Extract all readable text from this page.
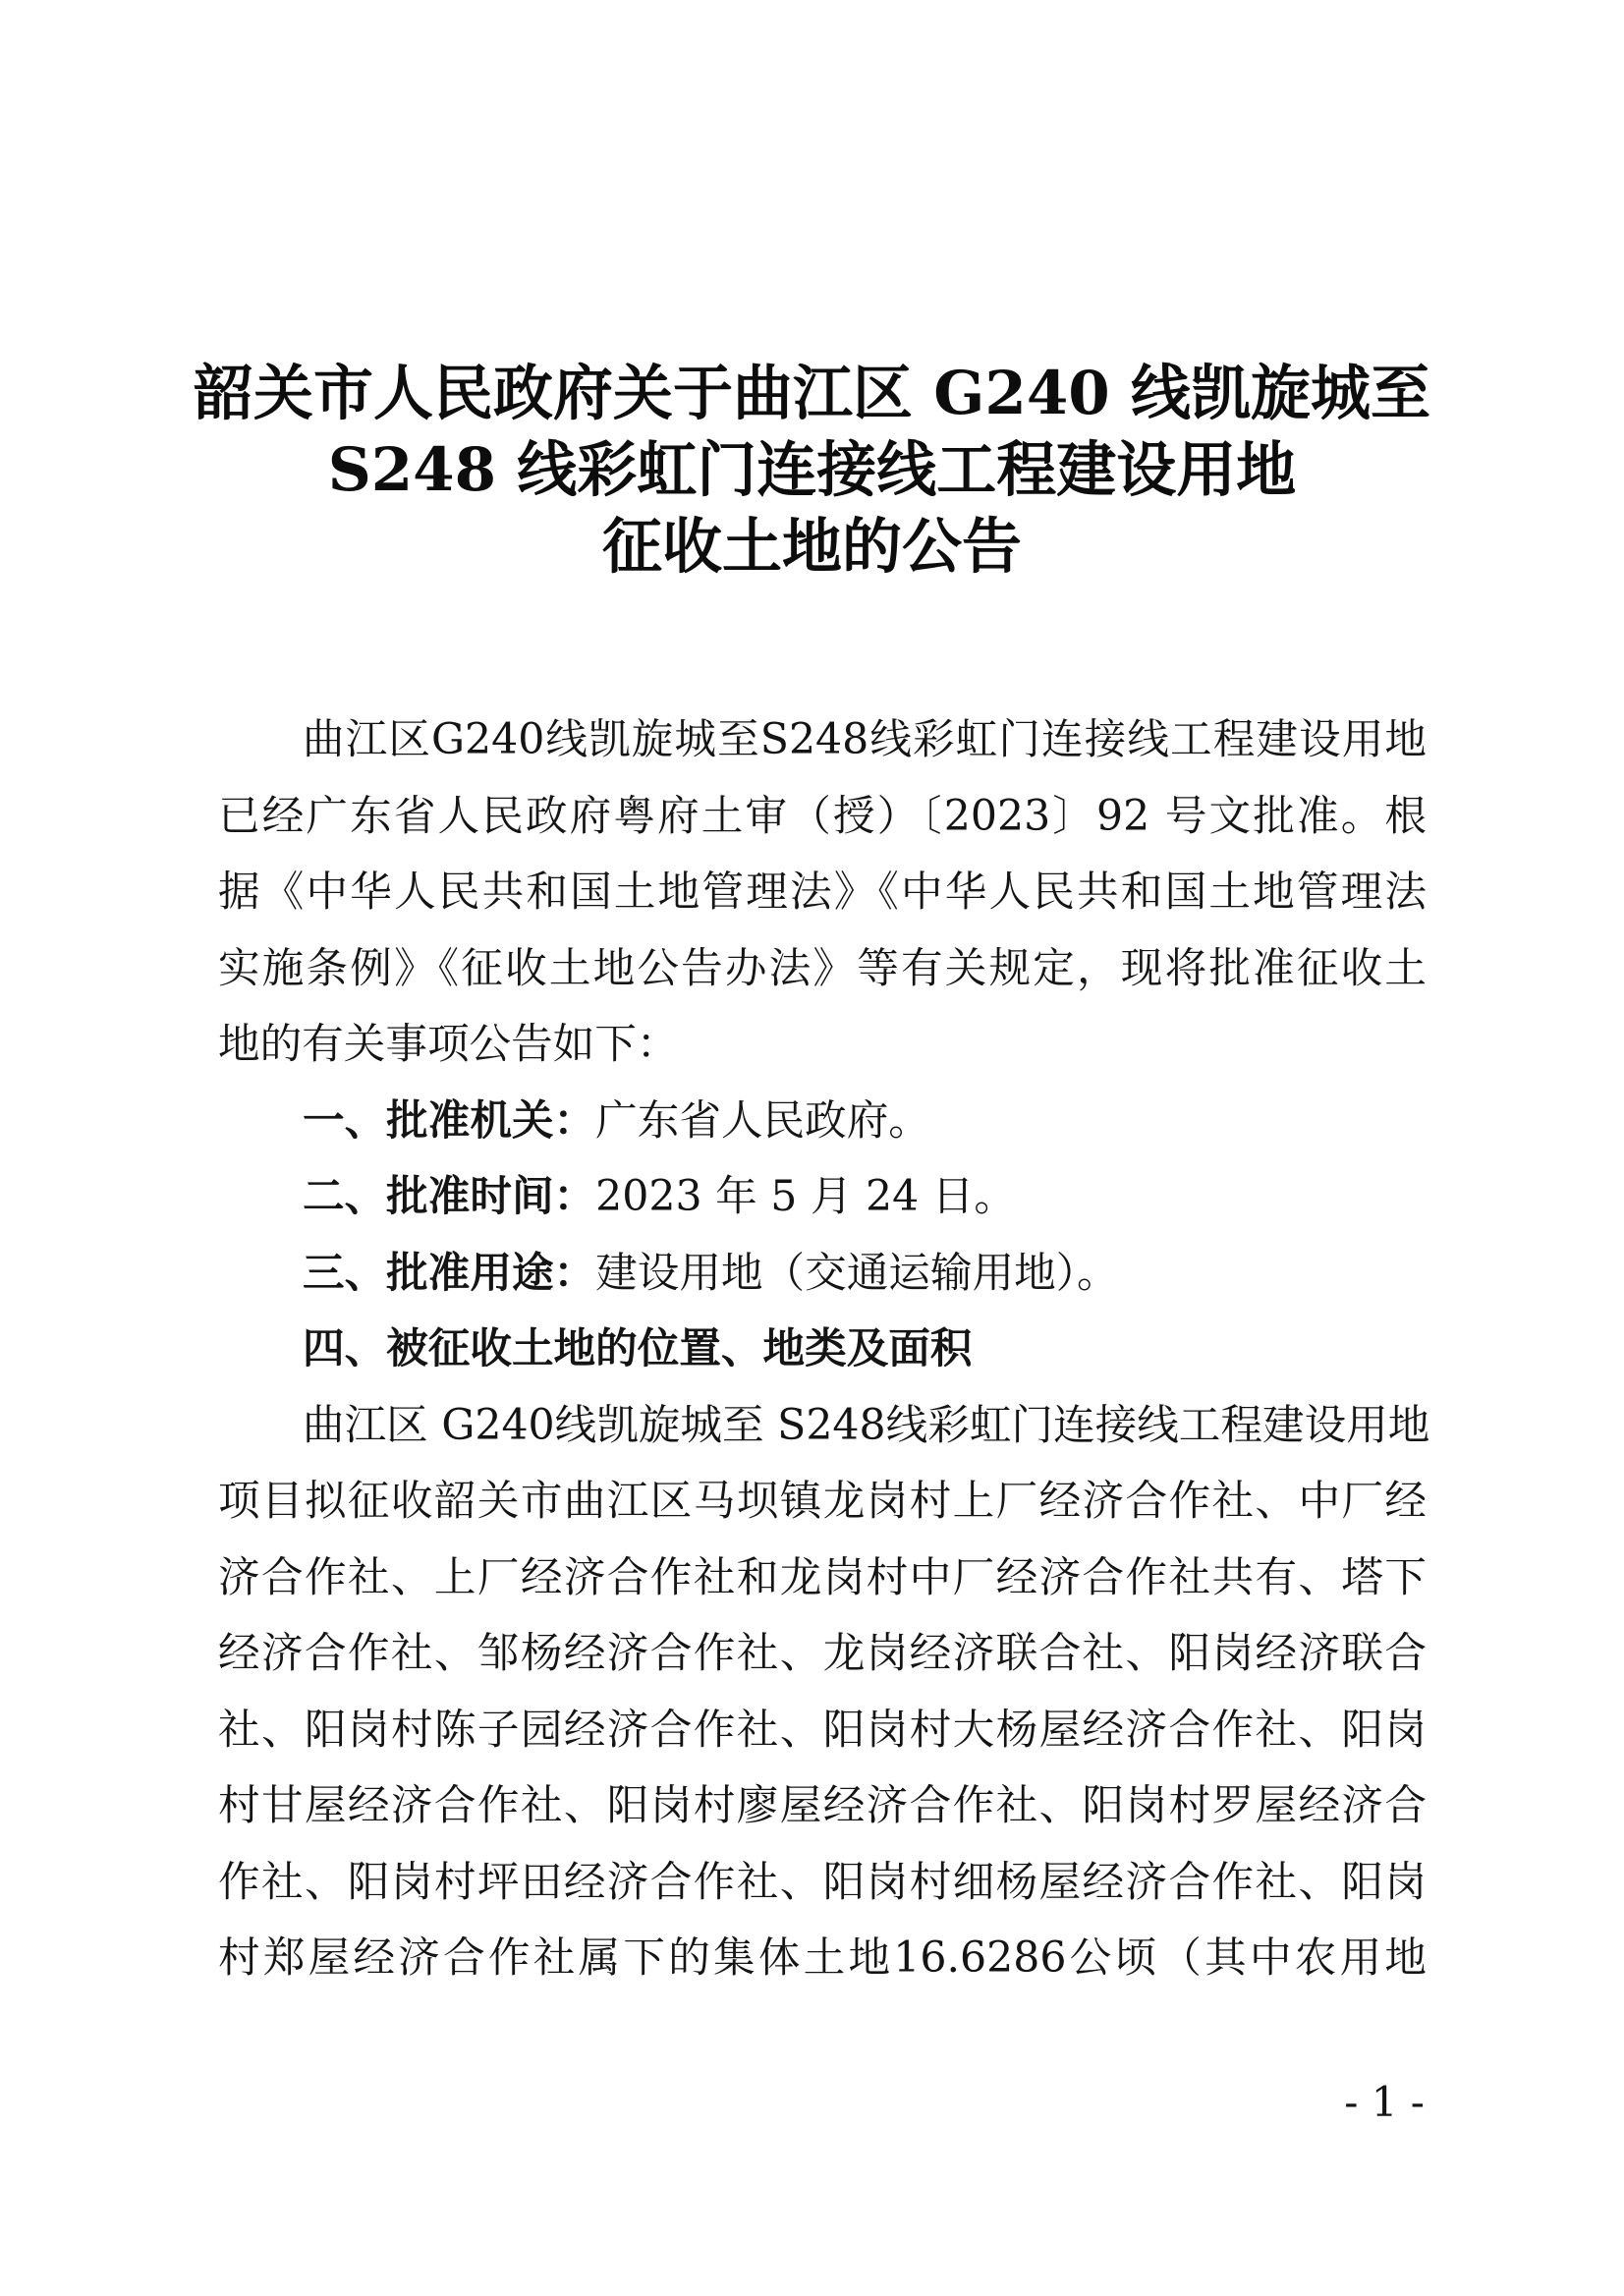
韶关市人民政府关于曲江区 G240 线凯旋城至
S248 线彩虹门连接线工程建设用地
征收土地的公告
曲江区G240线凯旋城至S248线彩虹门连接线工程建设用地
已经广东省人民政府粤府土审（授）〔2023〕92 号文批准。根
据《中华人民共和国土地管理法》《中华人民共和国土地管理法
实施条例》《征收土地公告办法》等有关规定，现将批准征收土
地的有关事项公告如下：
一、批准机关：广东省人民政府。
二、批准时间：2023 年 5 月 24 日。
三、批准用途：建设用地（交通运输用地）。
四、被征收土地的位置、地类及面积
曲江区 G240线凯旋城至 S248线彩虹门连接线工程建设用地
项目拟征收韶关市曲江区马坝镇龙岗村上厂经济合作社、中厂经
济合作社、上厂经济合作社和龙岗村中厂经济合作社共有、塔下
经济合作社、邹杨经济合作社、龙岗经济联合社、阳岗经济联合
社、阳岗村陈子园经济合作社、阳岗村大杨屋经济合作社、阳岗
村甘屋经济合作社、阳岗村廖屋经济合作社、阳岗村罗屋经济合
作社、阳岗村坪田经济合作社、阳岗村细杨屋经济合作社、阳岗
村郑屋经济合作社属下的集体土地16.6286公顷（其中农用地
- 1 -
